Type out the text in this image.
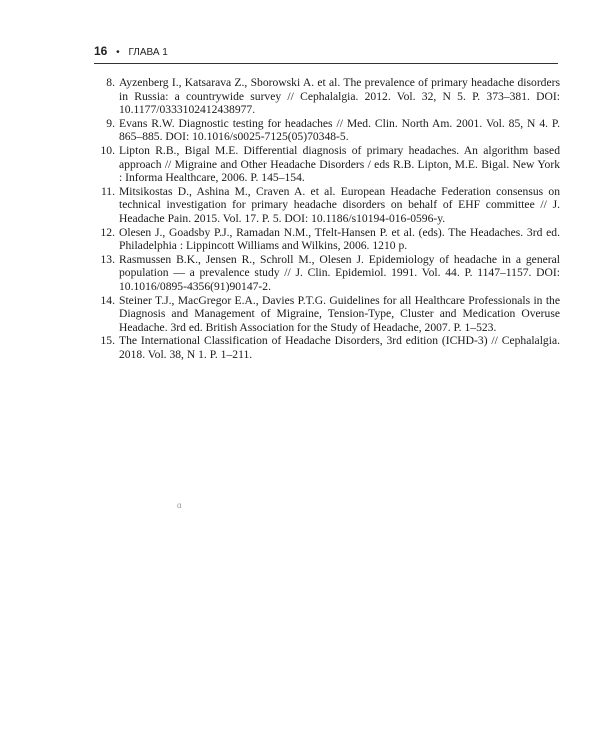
16 • ГЛАВА 1
8. Ayzenberg I., Katsarava Z., Sborowski A. et al. The prevalence of primary headache disorders in Russia: a countrywide survey // Cephalalgia. 2012. Vol. 32, N 5. P. 373–381. DOI: 10.1177/0333102412438977.
9. Evans R.W. Diagnostic testing for headaches // Med. Clin. North Am. 2001. Vol. 85, N 4. P. 865–885. DOI: 10.1016/s0025-7125(05)70348-5.
10. Lipton R.B., Bigal M.E. Differential diagnosis of primary headaches. An algorithm based approach // Migraine and Other Headache Disorders / eds R.B. Lipton, M.E. Bigal. New York : Informa Healthcare, 2006. P. 145–154.
11. Mitsikostas D., Ashina M., Craven A. et al. European Headache Federation consensus on technical investigation for primary headache disorders on behalf of EHF committee // J. Headache Pain. 2015. Vol. 17. P. 5. DOI: 10.1186/s10194-016-0596-y.
12. Olesen J., Goadsby P.J., Ramadan N.M., Tfelt-Hansen P. et al. (eds). The Headaches. 3rd ed. Philadelphia : Lippincott Williams and Wilkins, 2006. 1210 p.
13. Rasmussen B.K., Jensen R., Schroll M., Olesen J. Epidemiology of headache in a general population — a prevalence study // J. Clin. Epidemiol. 1991. Vol. 44. P. 1147–1157. DOI: 10.1016/0895-4356(91)90147-2.
14. Steiner T.J., MacGregor E.A., Davies P.T.G. Guidelines for all Healthcare Professionals in the Diagnosis and Management of Migraine, Tension-Type, Cluster and Medication Overuse Headache. 3rd ed. British Association for the Study of Headache, 2007. P. 1–523.
15. The International Classification of Headache Disorders, 3rd edition (ICHD-3) // Cephalalgia. 2018. Vol. 38, N 1. P. 1–211.
ɑ
